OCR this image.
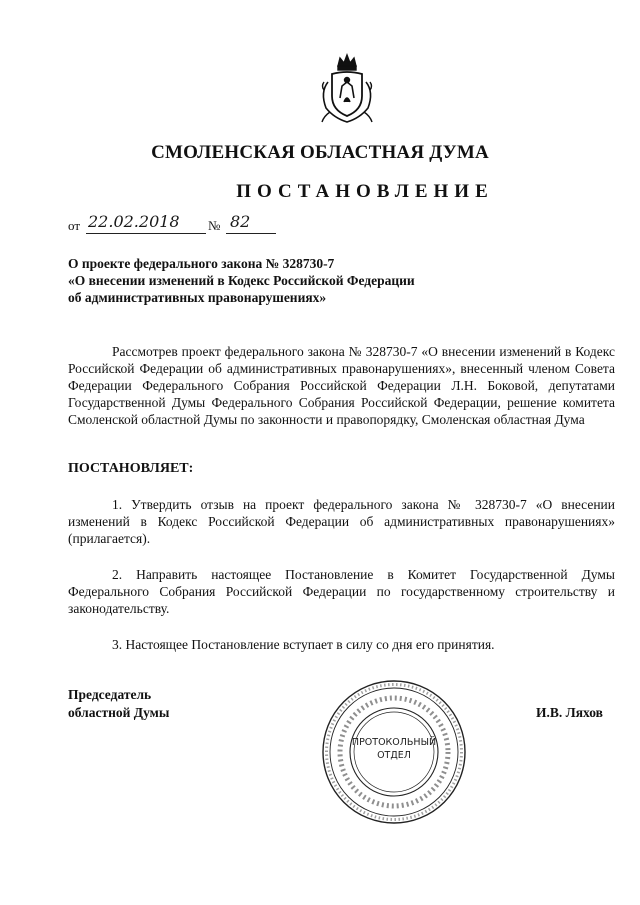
СМОЛЕНСКАЯ ОБЛАСТНАЯ ДУМА
ПОСТАНОВЛЕНИЕ
от 22.02.2018 № 82
О проекте федерального закона № 328730-7
«О внесении изменений в Кодекс Российской Федерации
об административных правонарушениях»
Рассмотрев проект федерального закона № 328730-7 «О внесении изменений в Кодекс Российской Федерации об административных правонарушениях», внесенный членом Совета Федерации Федерального Собрания Российской Федерации Л.Н. Боковой, депутатами Государственной Думы Федерального Собрания Российской Федерации, решение комитета Смоленской областной Думы по законности и правопорядку, Смоленская областная Дума
ПОСТАНОВЛЯЕТ:
1. Утвердить отзыв на проект федерального закона № 328730-7 «О внесении изменений в Кодекс Российской Федерации об административных правонарушениях» (прилагается).
2. Направить настоящее Постановление в Комитет Государственной Думы Федерального Собрания Российской Федерации по государственному строительству и законодательству.
3. Настоящее Постановление вступает в силу со дня его принятия.
Председатель
областной Думы
ПРОТОКОЛЬНЫЙ
ОТДЕЛ
И.В. Ляхов
